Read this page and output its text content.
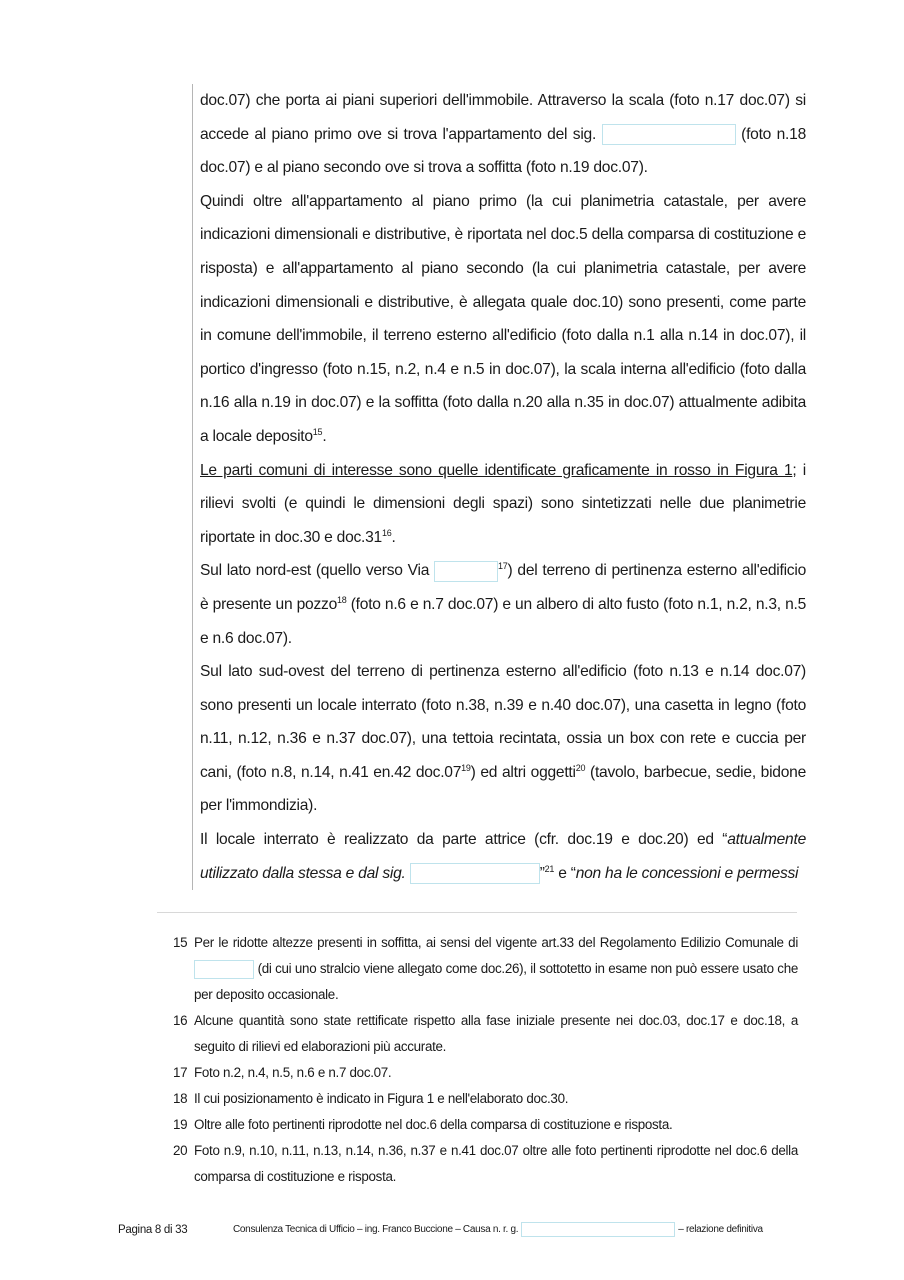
doc.07) che porta ai piani superiori dell'immobile. Attraverso la scala (foto n.17 doc.07) si accede al piano primo ove si trova l'appartamento del sig.	(foto n.18 doc.07) e al piano secondo ove si trova a soffitta (foto n.19 doc.07).

Quindi oltre all'appartamento al piano primo (la cui planimetria catastale, per avere indicazioni dimensionali e distributive, è riportata nel doc.5 della comparsa di costituzione e risposta) e all'appartamento al piano secondo (la cui planimetria catastale, per avere indicazioni dimensionali e distributive, è allegata quale doc.10) sono presenti, come parte in comune dell'immobile, il terreno esterno all'edificio (foto dalla n.1 alla n.14 in doc.07), il portico d'ingresso (foto n.15, n.2, n.4 e n.5 in doc.07), la scala interna all'edificio (foto dalla n.16 alla n.19 in doc.07) e la soffitta (foto dalla n.20 alla n.35 in doc.07) attualmente adibita a locale deposito$^{15}$.

Le parti comuni di interesse sono quelle identificate graficamente in rosso in Figura 1; i rilievi svolti (e quindi le dimensioni degli spazi) sono sintetizzati nelle due planimetrie riportate in doc.30 e $doc.31^{16}$.

Sul lato nord-est (quello verso Via	$^{17}$) del terreno di pertinenza esterno all'edificio è presente un pozzo$^{18}$ (foto n.6 e n.7 doc.07) e un albero di alto fusto (foto n.1, n.2, n.3, n.5 e n.6 doc.07).

Sul lato sud-ovest del terreno di pertinenza esterno all'edificio (foto n.13 e n.14 doc.07) sono presenti un locale interrato (foto n.38, n.39 e n.40 doc.07), una casetta in legno (foto n.11, n.12, n.36 e n.37 doc.07), una tettoia recintata, ossia un box con rete e cuccia per cani, (foto n.8, n.14, n.41 en.42 $doc.07^{19}$) ed altri oggetti$^{20}$ (tavolo, barbecue, sedie, bidone per l'immondizia).

Il locale interrato è realizzato da parte attrice (cfr. doc.19 e doc.20) ed “attualmente utilizzato dalla stessa e dal sig.	”$^{21}$ e “non ha le concessioni e permessi

15 Per le ridotte altezze presenti in soffitta, ai sensi del vigente art.33 del Regolamento Edilizio Comunale di  (di cui uno stralcio viene allegato come doc.26), il sottotetto in esame non può essere usato che per deposito occasionale.
16 Alcune quantità sono state rettificate rispetto alla fase iniziale presente nei doc.03, doc.17 e doc.18, a seguito di rilievi ed elaborazioni più accurate.
17 Foto n.2, n.4, n.5, n.6 e n.7 doc.07.
18 Il cui posizionamento è indicato in Figura 1 e nell'elaborato doc.30.
19 Oltre alle foto pertinenti riprodotte nel doc.6 della comparsa di costituzione e risposta.
20 Foto n.9, n.10, n.11, n.13, n.14, n.36, n.37 e n.41 doc.07 oltre alle foto pertinenti riprodotte nel doc.6 della comparsa di costituzione e risposta.
Pagina 8 di 33	Consulenza Tecnica di Ufficio – ing. Franco Buccione – Causa n. r. g.	– relazione definitiva
